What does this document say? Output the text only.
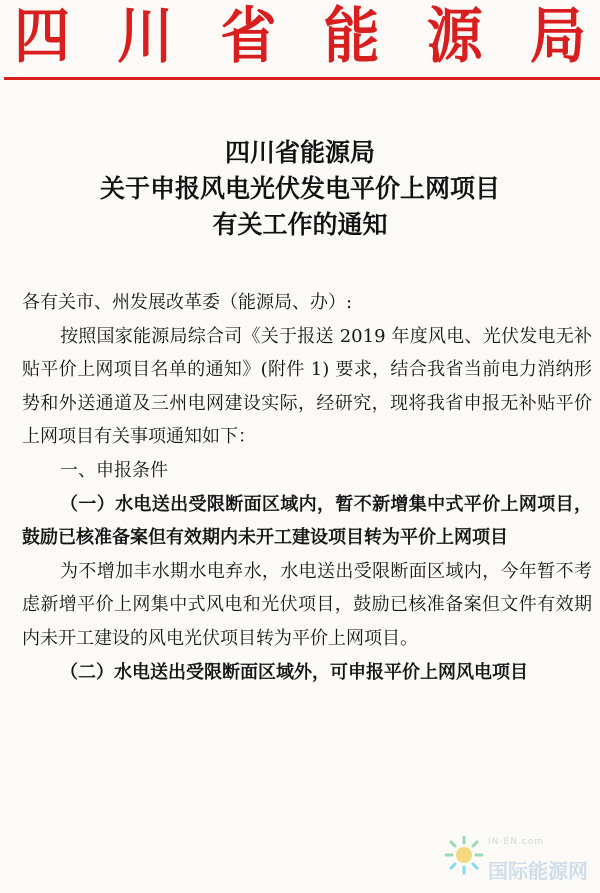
四 川 省 能 源 局
四川省能源局
关于申报风电光伏发电平价上网项目
有关工作的通知

各有关市、州发展改革委（能源局、办）:

按照国家能源局综合司《关于报送 2019 年度风电、光伏发电无补贴平价上网项目名单的通知》(附件 1) 要求，结合我省当前电力消纳形势和外送通道及三州电网建设实际，经研究，现将我省申报无补贴平价上网项目有关事项通知如下：

一、申报条件

（一）水电送出受限断面区域内，暂不新增集中式平价上网项目，鼓励已核准备案但有效期内未开工建设项目转为平价上网项目

为不增加丰水期水电弃水，水电送出受限断面区域内，今年暂不考虑新增平价上网集中式风电和光伏项目，鼓励已核准备案但文件有效期内未开工建设的风电光伏项目转为平价上网项目。

（二）水电送出受限断面区域外，可申报平价上网风电项目

IN-EN.com
国际能源网
